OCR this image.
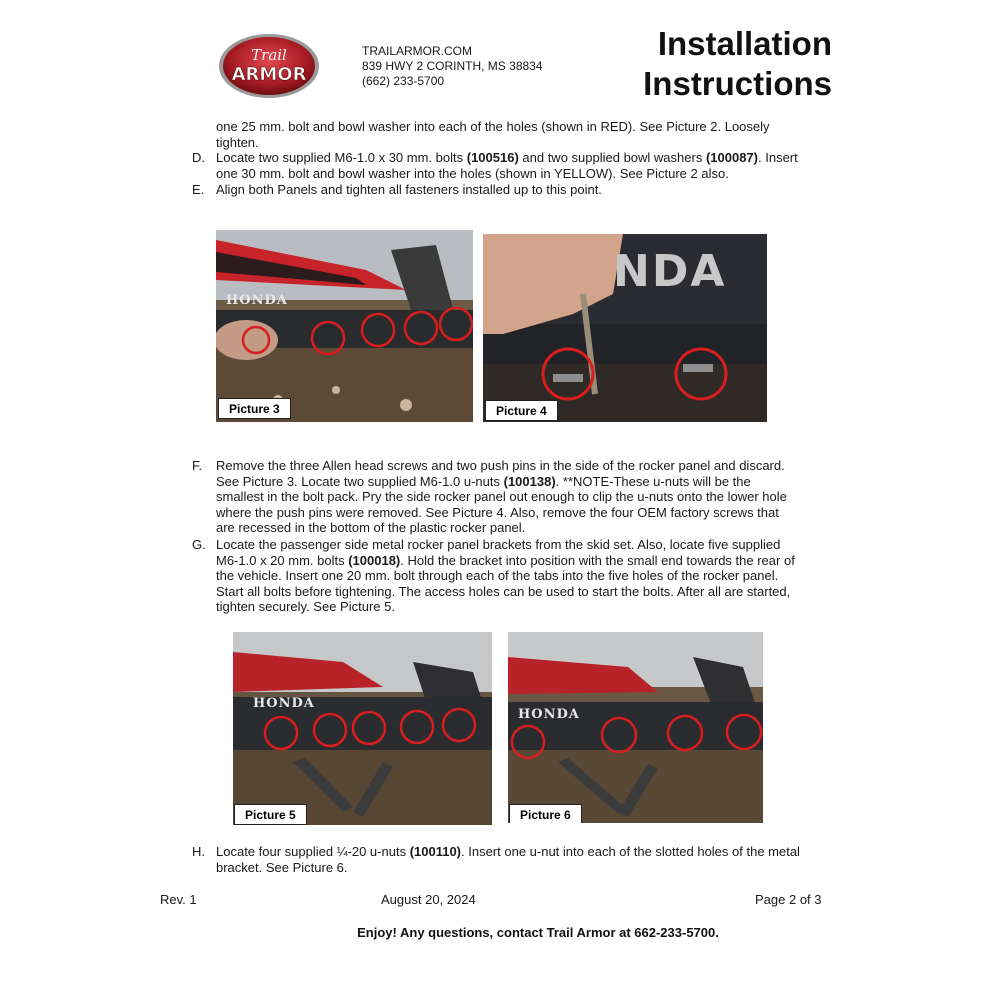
Trail
ARMOR
TRAILARMOR.COM
839 HWY 2 CORINTH, MS 38834
(662) 233-5700
Installation
Instructions
one 25 mm. bolt and bowl washer into each of the holes (shown in RED). See Picture 2. Loosely
tighten.
D. Locate two supplied M6-1.0 x 30 mm. bolts (100516) and two supplied bowl washers (100087). Insert
one 30 mm. bolt and bowl washer into the holes (shown in YELLOW). See Picture 2 also.
E. Align both Panels and tighten all fasteners installed up to this point.
HONDA
Picture 3
NDA
Picture 4
F.	Remove the three Allen head screws and two push pins in the side of the rocker panel and discard.
See Picture 3. Locate two supplied M6-1.0 u-nuts (100138). **NOTE-These u-nuts will be the
smallest in the bolt pack. Pry the side rocker panel out enough to clip the u-nuts onto the lower hole
where the push pins were removed. See Picture 4. Also, remove the four OEM factory screws that
are recessed in the bottom of the plastic rocker panel.
G. Locate the passenger side metal rocker panel brackets from the skid set. Also, locate five supplied
M6-1.0 x 20 mm. bolts (100018). Hold the bracket into position with the small end towards the rear of
the vehicle. Insert one 20 mm. bolt through each of the tabs into the five holes of the rocker panel.
Start all bolts before tightening. The access holes can be used to start the bolts. After all are started,
tighten securely. See Picture 5.
HONDA
Picture 5
HONDA
Picture 6
H. Locate four supplied ¼-20 u-nuts (100110). Insert one u-nut into each of the slotted holes of the metal
bracket. See Picture 6.
Rev. 1	August 20, 2024	Page 2 of 3
Enjoy! Any questions, contact Trail Armor at 662-233-5700.
